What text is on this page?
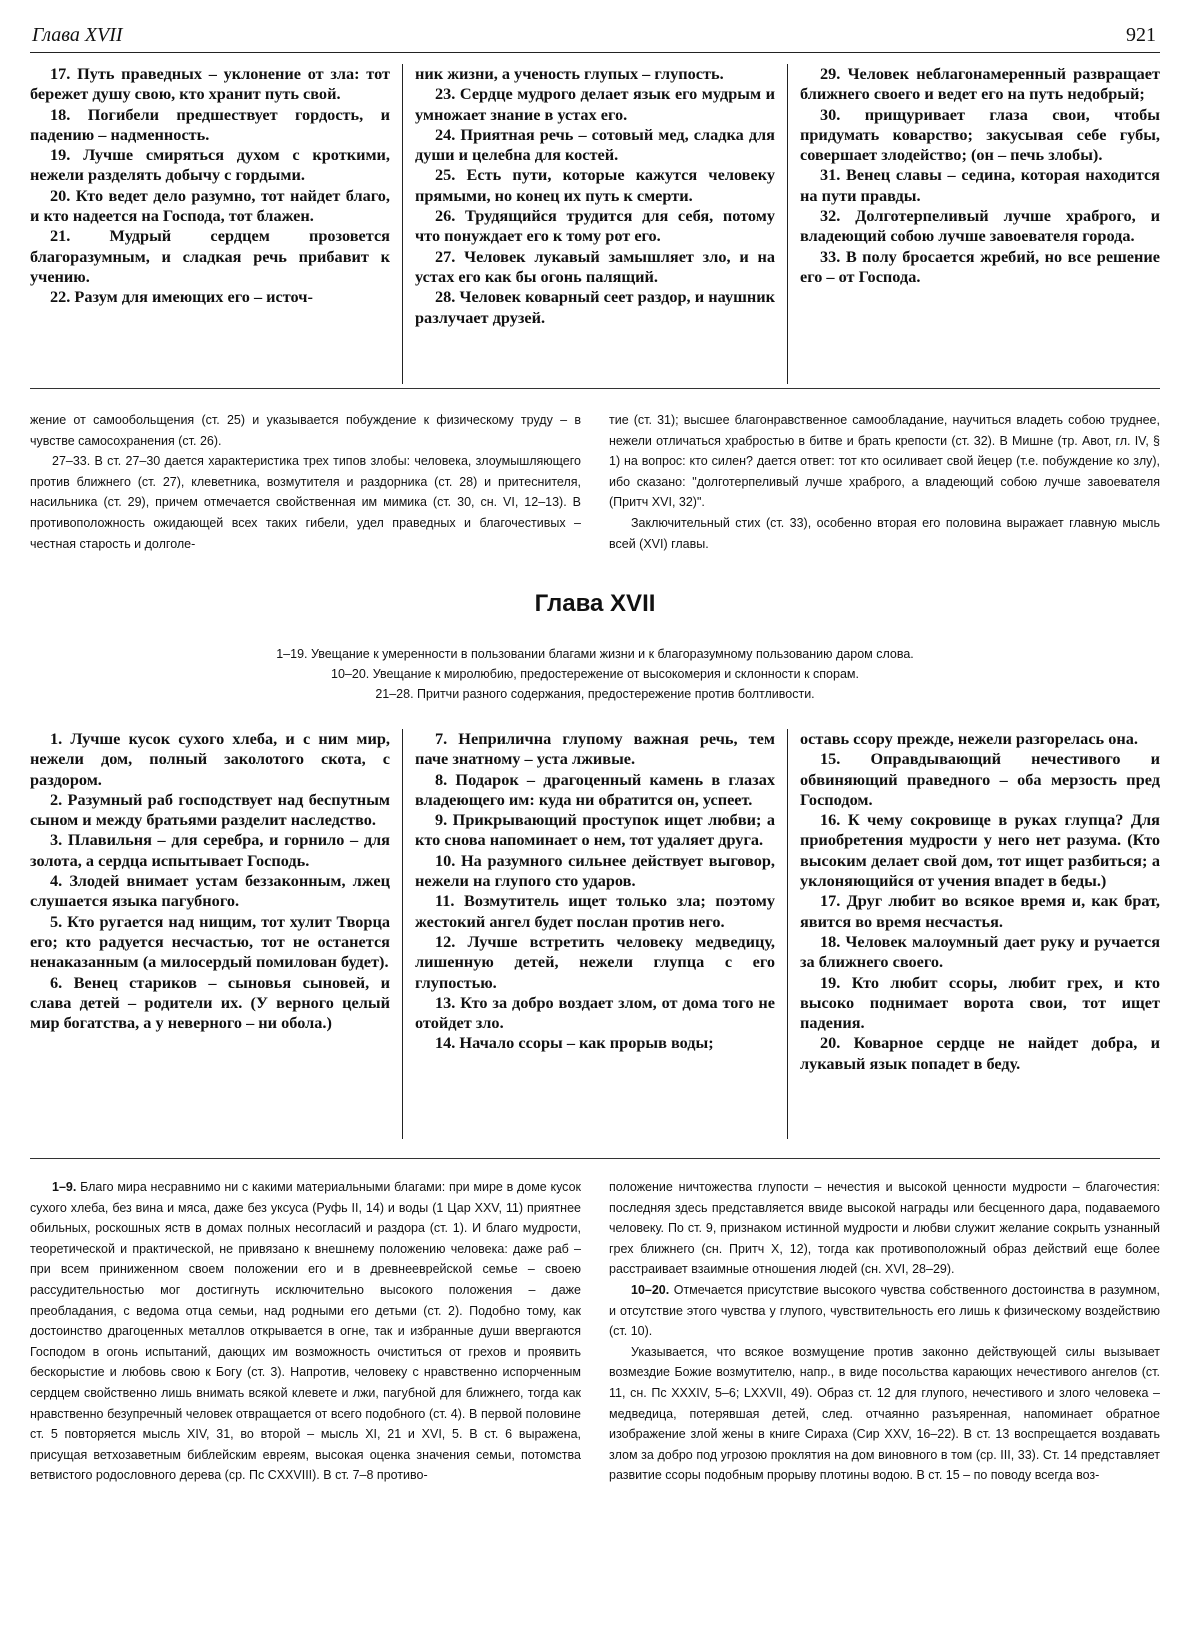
Глава XVII	921

17. Путь праведных – уклонение от зла: тот бережет душу свою, кто хранит путь свой.

18. Погибели предшествует гордость, и падению – надменность.

19. Лучше смиряться духом с кроткими, нежели разделять добычу с гордыми.

20. Кто ведет дело разумно, тот найдет благо, и кто надеется на Господа, тот блажен.

21. Мудрый сердцем прозовется благоразумным, и сладкая речь прибавит к учению.

22. Разум для имеющих его – источ-

ник жизни, а ученость глупых – глупость.

23. Сердце мудрого делает язык его мудрым и умножает знание в устах его.

24. Приятная речь – сотовый мед, сладка для души и целебна для костей.

25. Есть пути, которые кажутся человеку прямыми, но конец их путь к смерти.

26. Трудящийся трудится для себя, потому что понуждает его к тому рот его.

27. Человек лукавый замышляет зло, и на устах его как бы огонь палящий.

28. Человек коварный сеет раздор, и наушник разлучает друзей.

29. Человек неблагонамеренный развращает ближнего своего и ведет его на путь недобрый;

30. прищуривает глаза свои, чтобы придумать коварство; закусывая себе губы, совершает злодейство; (он – печь злобы).

31. Венец славы – седина, которая находится на пути правды.

32. Долготерпеливый лучше храброго, и владеющий собою лучше завоевателя города.

33. В полу бросается жребий, но все решение его – от Господа.

жение от самообольщения (ст. 25) и указывается побуждение к физическому труду – в чувстве самосохранения (ст. 26).

27–33. В ст. 27–30 дается характеристика трех типов злобы: человека, злоумышляющего против ближнего (ст. 27), клеветника, возмутителя и раздорника (ст. 28) и притеснителя, насильника (ст. 29), причем отмечается свойственная им мимика (ст. 30, сн. VI, 12–13). В противоположность ожидающей всех таких гибели, удел праведных и благочестивых – честная старость и долголе-

тие (ст. 31); высшее благонравственное самообладание, научиться владеть собою труднее, нежели отличаться храбростью в битве и брать крепости (ст. 32). В Мишне (тр. Авот, гл. IV, § 1) на вопрос: кто силен? дается ответ: тот кто осиливает свой йецер (т.е. побуждение ко злу), ибо сказано: "долготерпеливый лучше храброго, а владеющий собою лучше завоевателя (Притч XVI, 32)".

Заключительный стих (ст. 33), особенно вторая его половина выражает главную мысль всей (XVI) главы.

Глава XVII
1–19. Увещание к умеренности в пользовании благами жизни и к благоразумному пользованию даром слова.
10–20. Увещание к миролюбию, предостережение от высокомерия и склонности к спорам.
21–28. Притчи разного содержания, предостережение против болтливости.

1. Лучше кусок сухого хлеба, и с ним мир, нежели дом, полный заколотого скота, с раздором.

2. Разумный раб господствует над беспутным сыном и между братьями разделит наследство.

3. Плавильня – для серебра, и горнило – для золота, а сердца испытывает Господь.

4. Злодей внимает устам беззаконным, лжец слушается языка пагубного.

5. Кто ругается над нищим, тот хулит Творца его; кто радуется несчастью, тот не останется ненаказанным (а милосердый помилован будет).

6. Венец стариков – сыновья сыновей, и слава детей – родители их. (У верного целый мир богатства, а у неверного – ни обола.)

7. Неприлична глупому важная речь, тем паче знатному – уста лживые.

8. Подарок – драгоценный камень в глазах владеющего им: куда ни обратится он, успеет.

9. Прикрывающий проступок ищет любви; а кто снова напоминает о нем, тот удаляет друга.

10. На разумного сильнее действует выговор, нежели на глупого сто ударов.

11. Возмутитель ищет только зла; поэтому жестокий ангел будет послан против него.

12. Лучше встретить человеку медведицу, лишенную детей, нежели глупца с его глупостью.

13. Кто за добро воздает злом, от дома того не отойдет зло.

14. Начало ссоры – как прорыв воды;

оставь ссору прежде, нежели разгорелась она.

15. Оправдывающий нечестивого и обвиняющий праведного – оба мерзость пред Господом.

16. К чему сокровище в руках глупца? Для приобретения мудрости у него нет разума. (Кто высоким делает свой дом, тот ищет разбиться; а уклоняющийся от учения впадет в беды.)

17. Друг любит во всякое время и, как брат, явится во время несчастья.

18. Человек малоумный дает руку и ручается за ближнего своего.

19. Кто любит ссоры, любит грех, и кто высоко поднимает ворота свои, тот ищет падения.

20. Коварное сердце не найдет добра, и лукавый язык попадет в беду.

1–9. Благо мира несравнимо ни с какими материальными благами: при мире в доме кусок сухого хлеба, без вина и мяса, даже без уксуса (Руфь II, 14) и воды (1 Цар XXV, 11) приятнее обильных, роскошных яств в домах полных несогласий и раздора (ст. 1). И благо мудрости, теоретической и практической, не привязано к внешнему положению человека: даже раб – при всем приниженном своем положении его и в древнееврейской семье – своею рассудительностью мог достигнуть исключительно высокого положения – даже преобладания, с ведома отца семьи, над родными его детьми (ст. 2). Подобно тому, как достоинство драгоценных металлов открывается в огне, так и избранные души ввергаются Господом в огонь испытаний, дающих им возможность очиститься от грехов и проявить бескорыстие и любовь свою к Богу (ст. 3). Напротив, человеку с нравственно испорченным сердцем свойственно лишь внимать всякой клевете и лжи, пагубной для ближнего, тогда как нравственно безупречный человек отвращается от всего подобного (ст. 4). В первой половине ст. 5 повторяется мысль XIV, 31, во второй – мысль XI, 21 и XVI, 5. В ст. 6 выражена, присущая ветхозаветным библейским евреям, высокая оценка значения семьи, потомства ветвистого родословного дерева (ср. Пс CXXVIII). В ст. 7–8 противо-

положение ничтожества глупости – нечестия и высокой ценности мудрости – благочестия: последняя здесь представляется ввиде высокой награды или бесценного дара, подаваемого человеку. По ст. 9, признаком истинной мудрости и любви служит желание сокрыть узнанный грех ближнего (сн. Притч X, 12), тогда как противоположный образ действий еще более расстраивает взаимные отношения людей (сн. XVI, 28–29).

10–20. Отмечается присутствие высокого чувства собственного достоинства в разумном, и отсутствие этого чувства у глупого, чувствительность его лишь к физическому воздействию (ст. 10).

Указывается, что всякое возмущение против законно действующей силы вызывает возмездие Божие возмутителю, напр., в виде посольства карающих нечестивого ангелов (ст. 11, сн. Пс XXXIV, 5–6; LXXVII, 49). Образ ст. 12 для глупого, нечестивого и злого человека – медведица, потерявшая детей, след. отчаянно разъяренная, напоминает обратное изображение злой жены в книге Сираха (Сир XXV, 16–22). В ст. 13 воспрещается воздавать злом за добро под угрозою проклятия на дом виновного в том (ср. III, 33). Ст. 14 представляет развитие ссоры подобным прорыву плотины водою. В ст. 15 – по поводу всегда воз-
